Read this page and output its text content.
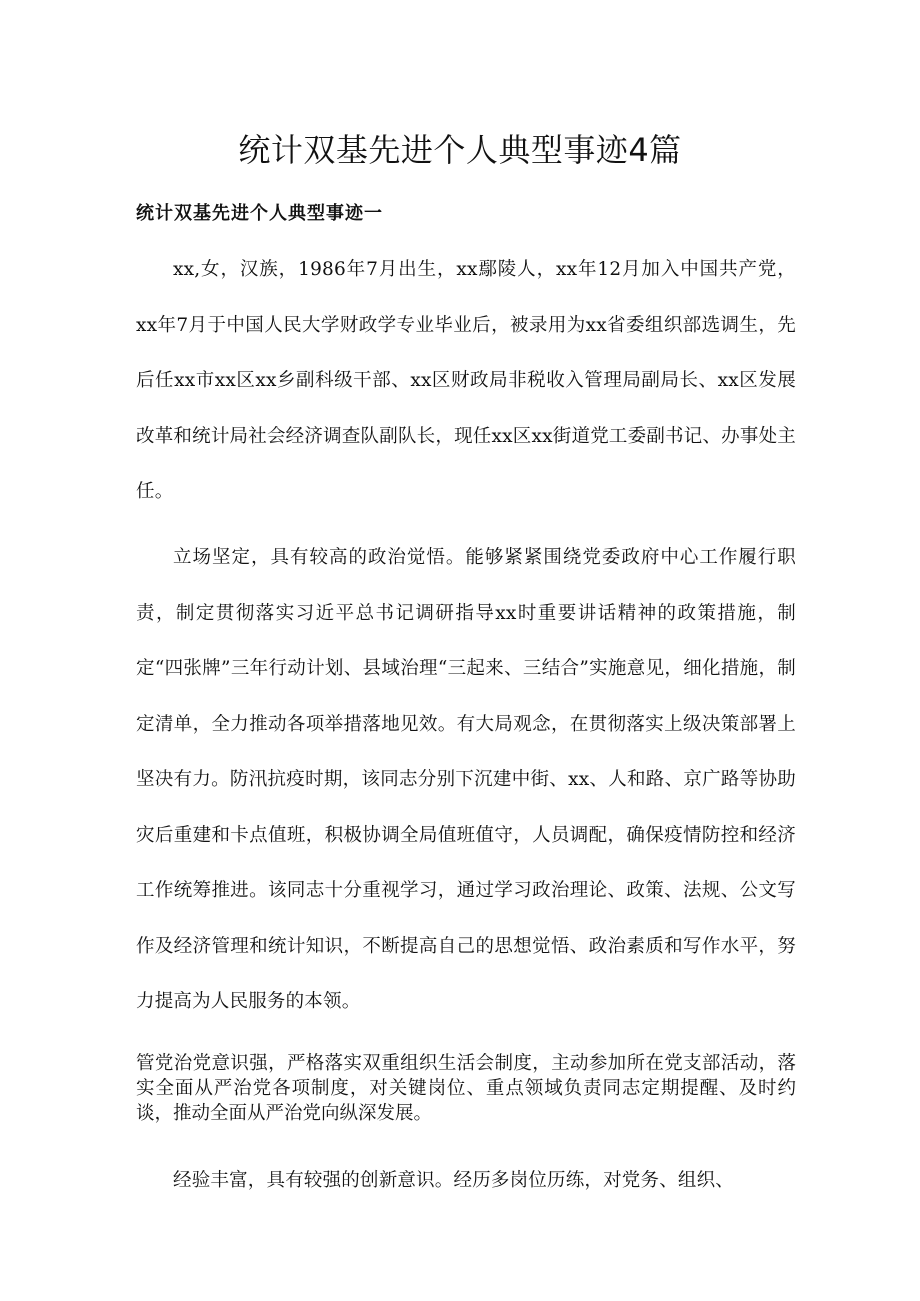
统计双基先进个人典型事迹4篇
统计双基先进个人典型事迹一

xx,女，汉族，1986年7月出生，xx鄢陵人，xx年12月加入中国共产党，xx年7月于中国人民大学财政学专业毕业后，被录用为xx省委组织部选调生，先后任xx市xx区xx乡副科级干部、xx区财政局非税收入管理局副局长、xx区发展改革和统计局社会经济调查队副队长，现任xx区xx街道党工委副书记、办事处主任。

立场坚定，具有较高的政治觉悟。能够紧紧围绕党委政府中心工作履行职责，制定贯彻落实习近平总书记调研指导xx时重要讲话精神的政策措施，制定“四张牌”三年行动计划、县域治理“三起来、三结合”实施意见，细化措施，制定清单，全力推动各项举措落地见效。有大局观念，在贯彻落实上级决策部署上坚决有力。防汛抗疫时期，该同志分别下沉建中街、xx、人和路、京广路等协助灾后重建和卡点值班，积极协调全局值班值守，人员调配，确保疫情防控和经济工作统筹推进。该同志十分重视学习，通过学习政治理论、政策、法规、公文写作及经济管理和统计知识，不断提高自己的思想觉悟、政治素质和写作水平，努力提高为人民服务的本领。

管党治党意识强，严格落实双重组织生活会制度，主动参加所在党支部活动，落实全面从严治党各项制度，对关键岗位、重点领域负责同志定期提醒、及时约谈，推动全面从严治党向纵深发展。

经验丰富，具有较强的创新意识。经历多岗位历练，对党务、组织、
